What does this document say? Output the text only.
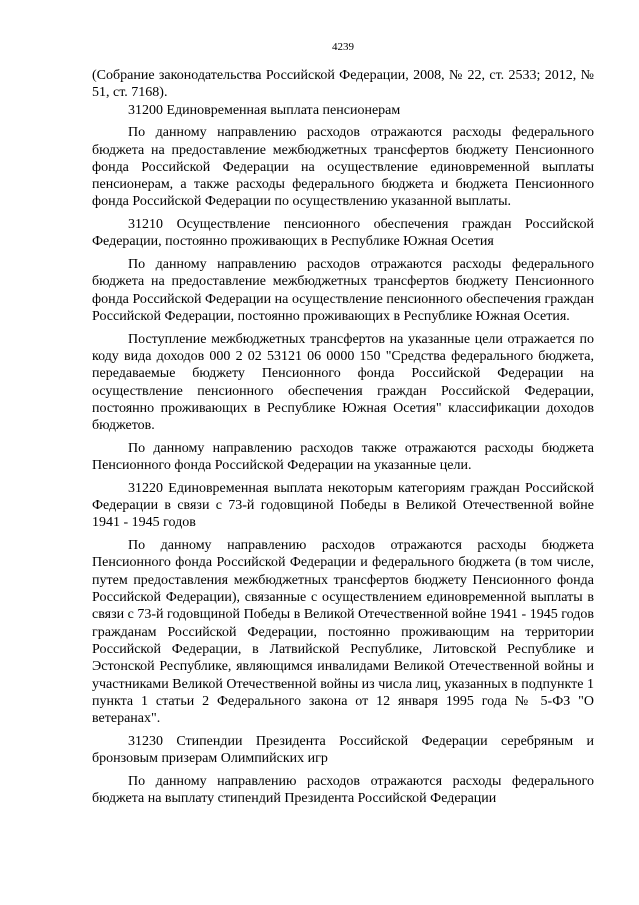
4239

(Собрание законодательства Российской Федерации, 2008, № 22, ст. 2533; 2012, № 51, ст. 7168).

31200 Единовременная выплата пенсионерам

По данному направлению расходов отражаются расходы федерального бюджета на предоставление межбюджетных трансфертов бюджету Пенсионного фонда Российской Федерации на осуществление единовременной выплаты пенсионерам, а также расходы федерального бюджета и бюджета Пенсионного фонда Российской Федерации по осуществлению указанной выплаты.

31210 Осуществление пенсионного обеспечения граждан Российской Федерации, постоянно проживающих в Республике Южная Осетия

По данному направлению расходов отражаются расходы федерального бюджета на предоставление межбюджетных трансфертов бюджету Пенсионного фонда Российской Федерации на осуществление пенсионного обеспечения граждан Российской Федерации, постоянно проживающих в Республике Южная Осетия.

Поступление межбюджетных трансфертов на указанные цели отражается по коду вида доходов 000 2 02 53121 06 0000 150 "Средства федерального бюджета, передаваемые бюджету Пенсионного фонда Российской Федерации на осуществление пенсионного обеспечения граждан Российской Федерации, постоянно проживающих в Республике Южная Осетия" классификации доходов бюджетов.

По данному направлению расходов также отражаются расходы бюджета Пенсионного фонда Российской Федерации на указанные цели.

31220 Единовременная выплата некоторым категориям граждан Российской Федерации в связи с 73-й годовщиной Победы в Великой Отечественной войне 1941 - 1945 годов

По данному направлению расходов отражаются расходы бюджета Пенсионного фонда Российской Федерации и федерального бюджета (в том числе, путем предоставления межбюджетных трансфертов бюджету Пенсионного фонда Российской Федерации), связанные с осуществлением единовременной выплаты в связи с 73-й годовщиной Победы в Великой Отечественной войне 1941 - 1945 годов гражданам Российской Федерации, постоянно проживающим на территории Российской Федерации, в Латвийской Республике, Литовской Республике и Эстонской Республике, являющимся инвалидами Великой Отечественной войны и участниками Великой Отечественной войны из числа лиц, указанных в подпункте 1 пункта 1 статьи 2 Федерального закона от 12 января 1995 года № 5-ФЗ "О ветеранах".

31230 Стипендии Президента Российской Федерации серебряным и бронзовым призерам Олимпийских игр

По данному направлению расходов отражаются расходы федерального бюджета на выплату стипендий Президента Российской Федерации
